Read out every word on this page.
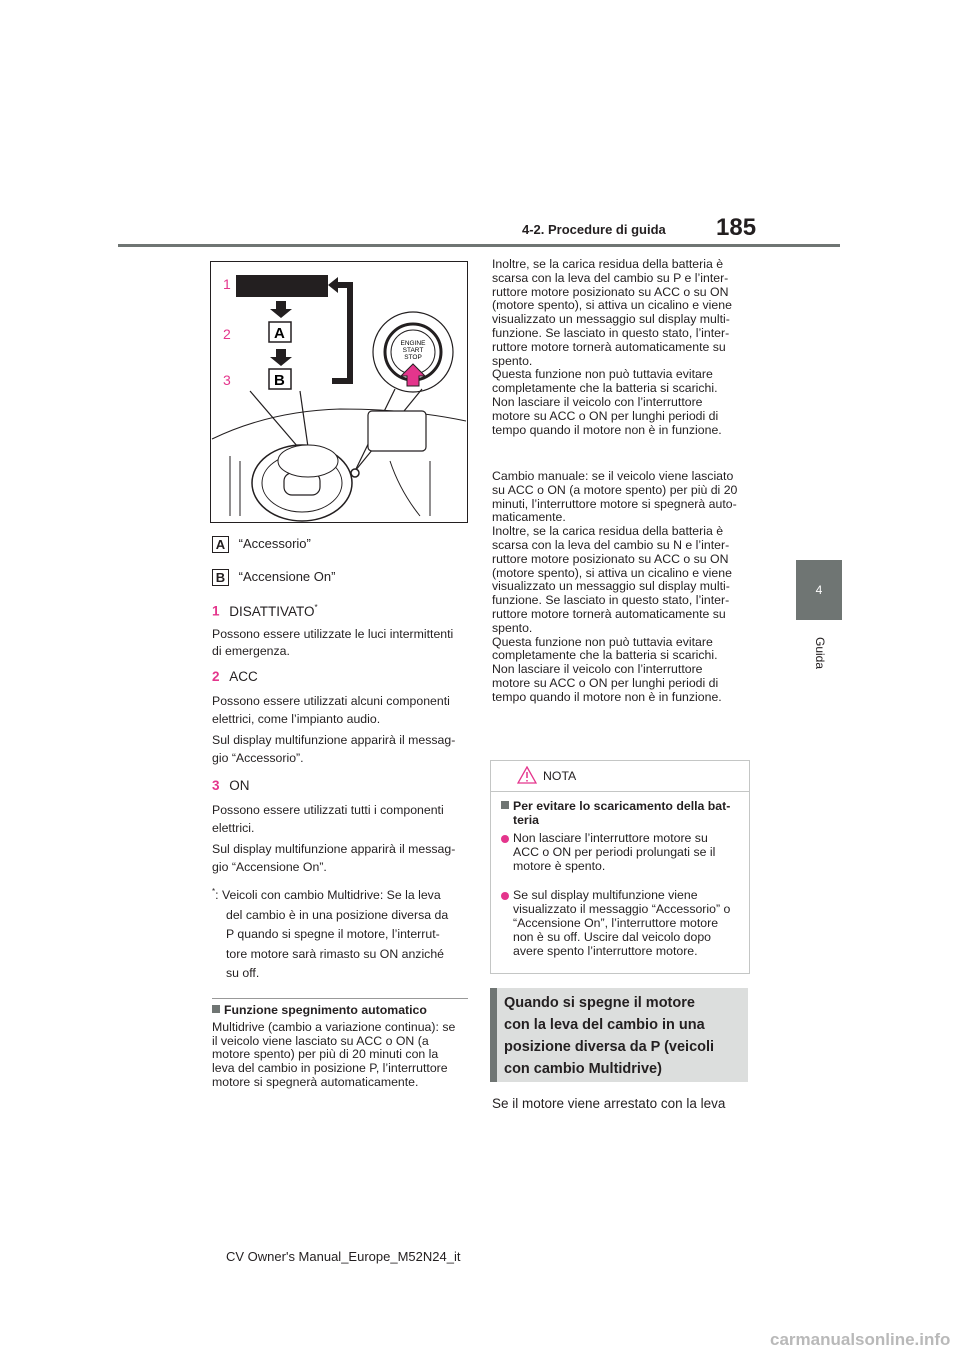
4-2. Procedure di guida 185
4
Guida
1
2
3
A
B
ENGINE
START
STOP
A “Accessorio”
B “Accensione On”
1 DISATTIVATO*
Possono essere utilizzate le luci intermittenti
di emergenza.
2 ACC
Possono essere utilizzati alcuni componenti
elettrici, come l’impianto audio.
Sul display multifunzione apparirà il messag-
gio “Accessorio”.
3 ON
Possono essere utilizzati tutti i componenti
elettrici.
Sul display multifunzione apparirà il messag-
gio “Accensione On”.
*: Veicoli con cambio Multidrive: Se la leva
del cambio è in una posizione diversa da
P quando si spegne il motore, l’interrut-
tore motore sarà rimasto su ON anziché
su off.
Funzione spegnimento automatico
Multidrive (cambio a variazione continua): se
il veicolo viene lasciato su ACC o ON (a
motore spento) per più di 20 minuti con la
leva del cambio in posizione P, l’interruttore
motore si spegnerà automaticamente.
Inoltre, se la carica residua della batteria è
scarsa con la leva del cambio su P e l’inter-
ruttore motore posizionato su ACC o su ON
(motore spento), si attiva un cicalino e viene
visualizzato un messaggio sul display multi-
funzione. Se lasciato in questo stato, l’inter-
ruttore motore tornerà automaticamente su
spento.
Questa funzione non può tuttavia evitare
completamente che la batteria si scarichi.
Non lasciare il veicolo con l’interruttore
motore su ACC o ON per lunghi periodi di
tempo quando il motore non è in funzione.
Cambio manuale: se il veicolo viene lasciato
su ACC o ON (a motore spento) per più di 20
minuti, l’interruttore motore si spegnerà auto-
maticamente.
Inoltre, se la carica residua della batteria è
scarsa con la leva del cambio su N e l’inter-
ruttore motore posizionato su ACC o su ON
(motore spento), si attiva un cicalino e viene
visualizzato un messaggio sul display multi-
funzione. Se lasciato in questo stato, l’inter-
ruttore motore tornerà automaticamente su
spento.
Questa funzione non può tuttavia evitare
completamente che la batteria si scarichi.
Non lasciare il veicolo con l’interruttore
motore su ACC o ON per lunghi periodi di
tempo quando il motore non è in funzione.
NOTA
Per evitare lo scaricamento della bat-
teria
Non lasciare l’interruttore motore su
ACC o ON per periodi prolungati se il
motore è spento.
Se sul display multifunzione viene
visualizzato il messaggio “Accessorio” o
“Accensione On”, l’interruttore motore
non è su off. Uscire dal veicolo dopo
avere spento l’interruttore motore.
Quando si spegne il motore
con la leva del cambio in una
posizione diversa da P (veicoli
con cambio Multidrive)
Se il motore viene arrestato con la leva
CV Owner's Manual_Europe_M52N24_it
carmanualsonline.info
